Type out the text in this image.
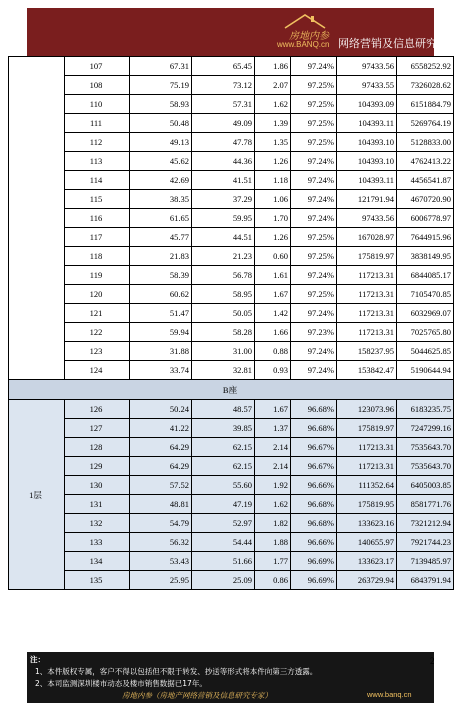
房地内参
www.BANQ.cn 网络营销及信息研究专家
	107	67.31	65.45	1.86	97.24%	97433.56	6558252.92
	108	75.19	73.12	2.07	97.25%	97433.55	7326028.62
	110	58.93	57.31	1.62	97.25%	104393.09	6151884.79
	111	50.48	49.09	1.39	97.25%	104393.11	5269764.19
	112	49.13	47.78	1.35	97.25%	104393.10	5128833.00
	113	45.62	44.36	1.26	97.24%	104393.10	4762413.22
	114	42.69	41.51	1.18	97.24%	104393.11	4456541.87
	115	38.35	37.29	1.06	97.24%	121791.94	4670720.90
	116	61.65	59.95	1.70	97.24%	97433.56	6006778.97
	117	45.77	44.51	1.26	97.25%	167028.97	7644915.96
	118	21.83	21.23	0.60	97.25%	175819.97	3838149.95
	119	58.39	56.78	1.61	97.24%	117213.31	6844085.17
	120	60.62	58.95	1.67	97.25%	117213.31	7105470.85
	121	51.47	50.05	1.42	97.24%	117213.31	6032969.07
	122	59.94	58.28	1.66	97.23%	117213.31	7025765.80
	123	31.88	31.00	0.88	97.24%	158237.95	5044625.85
	124	33.74	32.81	0.93	97.24%	153842.47	5190644.94
B座							
1层	126	50.24	48.57	1.67	96.68%	123073.96	6183235.75
	127	41.22	39.85	1.37	96.68%	175819.97	7247299.16
	128	64.29	62.15	2.14	96.67%	117213.31	7535643.70
	129	64.29	62.15	2.14	96.67%	117213.31	7535643.70
	130	57.52	55.60	1.92	96.66%	111352.64	6405003.85
	131	48.81	47.19	1.62	96.68%	175819.95	8581771.76
	132	54.79	52.97	1.82	96.68%	133623.16	7321212.94
	133	56.32	54.44	1.88	96.66%	140655.97	7921744.23
	134	53.43	51.66	1.77	96.69%	133623.17	7139485.97
	135	25.95	25.09	0.86	96.69%	263729.94	6843791.94
注：
1、本件版权专属，客户不得以包括但不限于转发、抄送等形式将本件向第三方透露。
2、本司监测深圳楼市动态及楼市销售数据已17年。
房地内参（房地产网络营销及信息研究专家）	www.banq.cn
2
